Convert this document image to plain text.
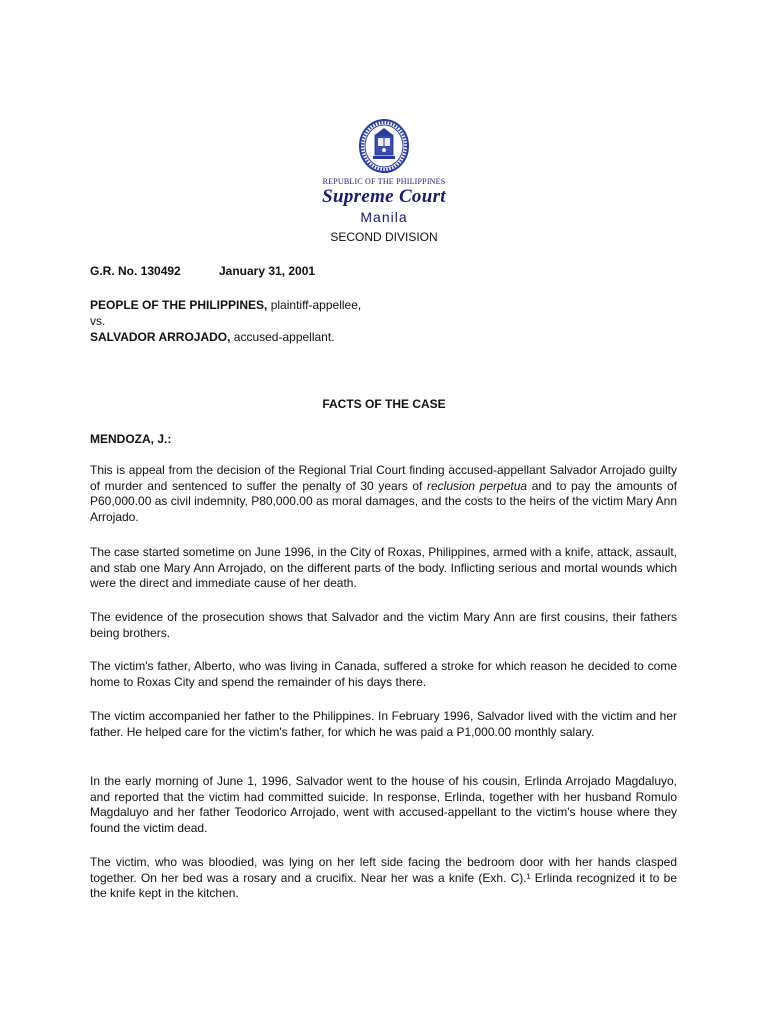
REPUBLIC OF THE PHILIPPINES
Supreme Court
Manila
SECOND DIVISION
G.R. No. 130492	January 31, 2001
PEOPLE OF THE PHILIPPINES, plaintiff-appellee,
vs.
SALVADOR ARROJADO, accused-appellant.
FACTS OF THE CASE
MENDOZA, J.:

This is appeal from the decision of the Regional Trial Court finding accused-appellant Salvador Arrojado guilty of murder and sentenced to suffer the penalty of 30 years of reclusion perpetua and to pay the amounts of P60,000.00 as civil indemnity, P80,000.00 as moral damages, and the costs to the heirs of the victim Mary Ann Arrojado.

The case started sometime on June 1996, in the City of Roxas, Philippines, armed with a knife, attack, assault, and stab one Mary Ann Arrojado, on the different parts of the body. Inflicting serious and mortal wounds which were the direct and immediate cause of her death.

The evidence of the prosecution shows that Salvador and the victim Mary Ann are first cousins, their fathers being brothers.

The victim's father, Alberto, who was living in Canada, suffered a stroke for which reason he decided to come home to Roxas City and spend the remainder of his days there.

The victim accompanied her father to the Philippines. In February 1996, Salvador lived with the victim and her father. He helped care for the victim's father, for which he was paid a P1,000.00 monthly salary.

In the early morning of June 1, 1996, Salvador went to the house of his cousin, Erlinda Arrojado Magdaluyo, and reported that the victim had committed suicide. In response, Erlinda, together with her husband Romulo Magdaluyo and her father Teodorico Arrojado, went with accused-appellant to the victim's house where they found the victim dead.

The victim, who was bloodied, was lying on her left side facing the bedroom door with her hands clasped together. On her bed was a rosary and a crucifix. Near her was a knife (Exh. C).¹ Erlinda recognized it to be the knife kept in the kitchen.
